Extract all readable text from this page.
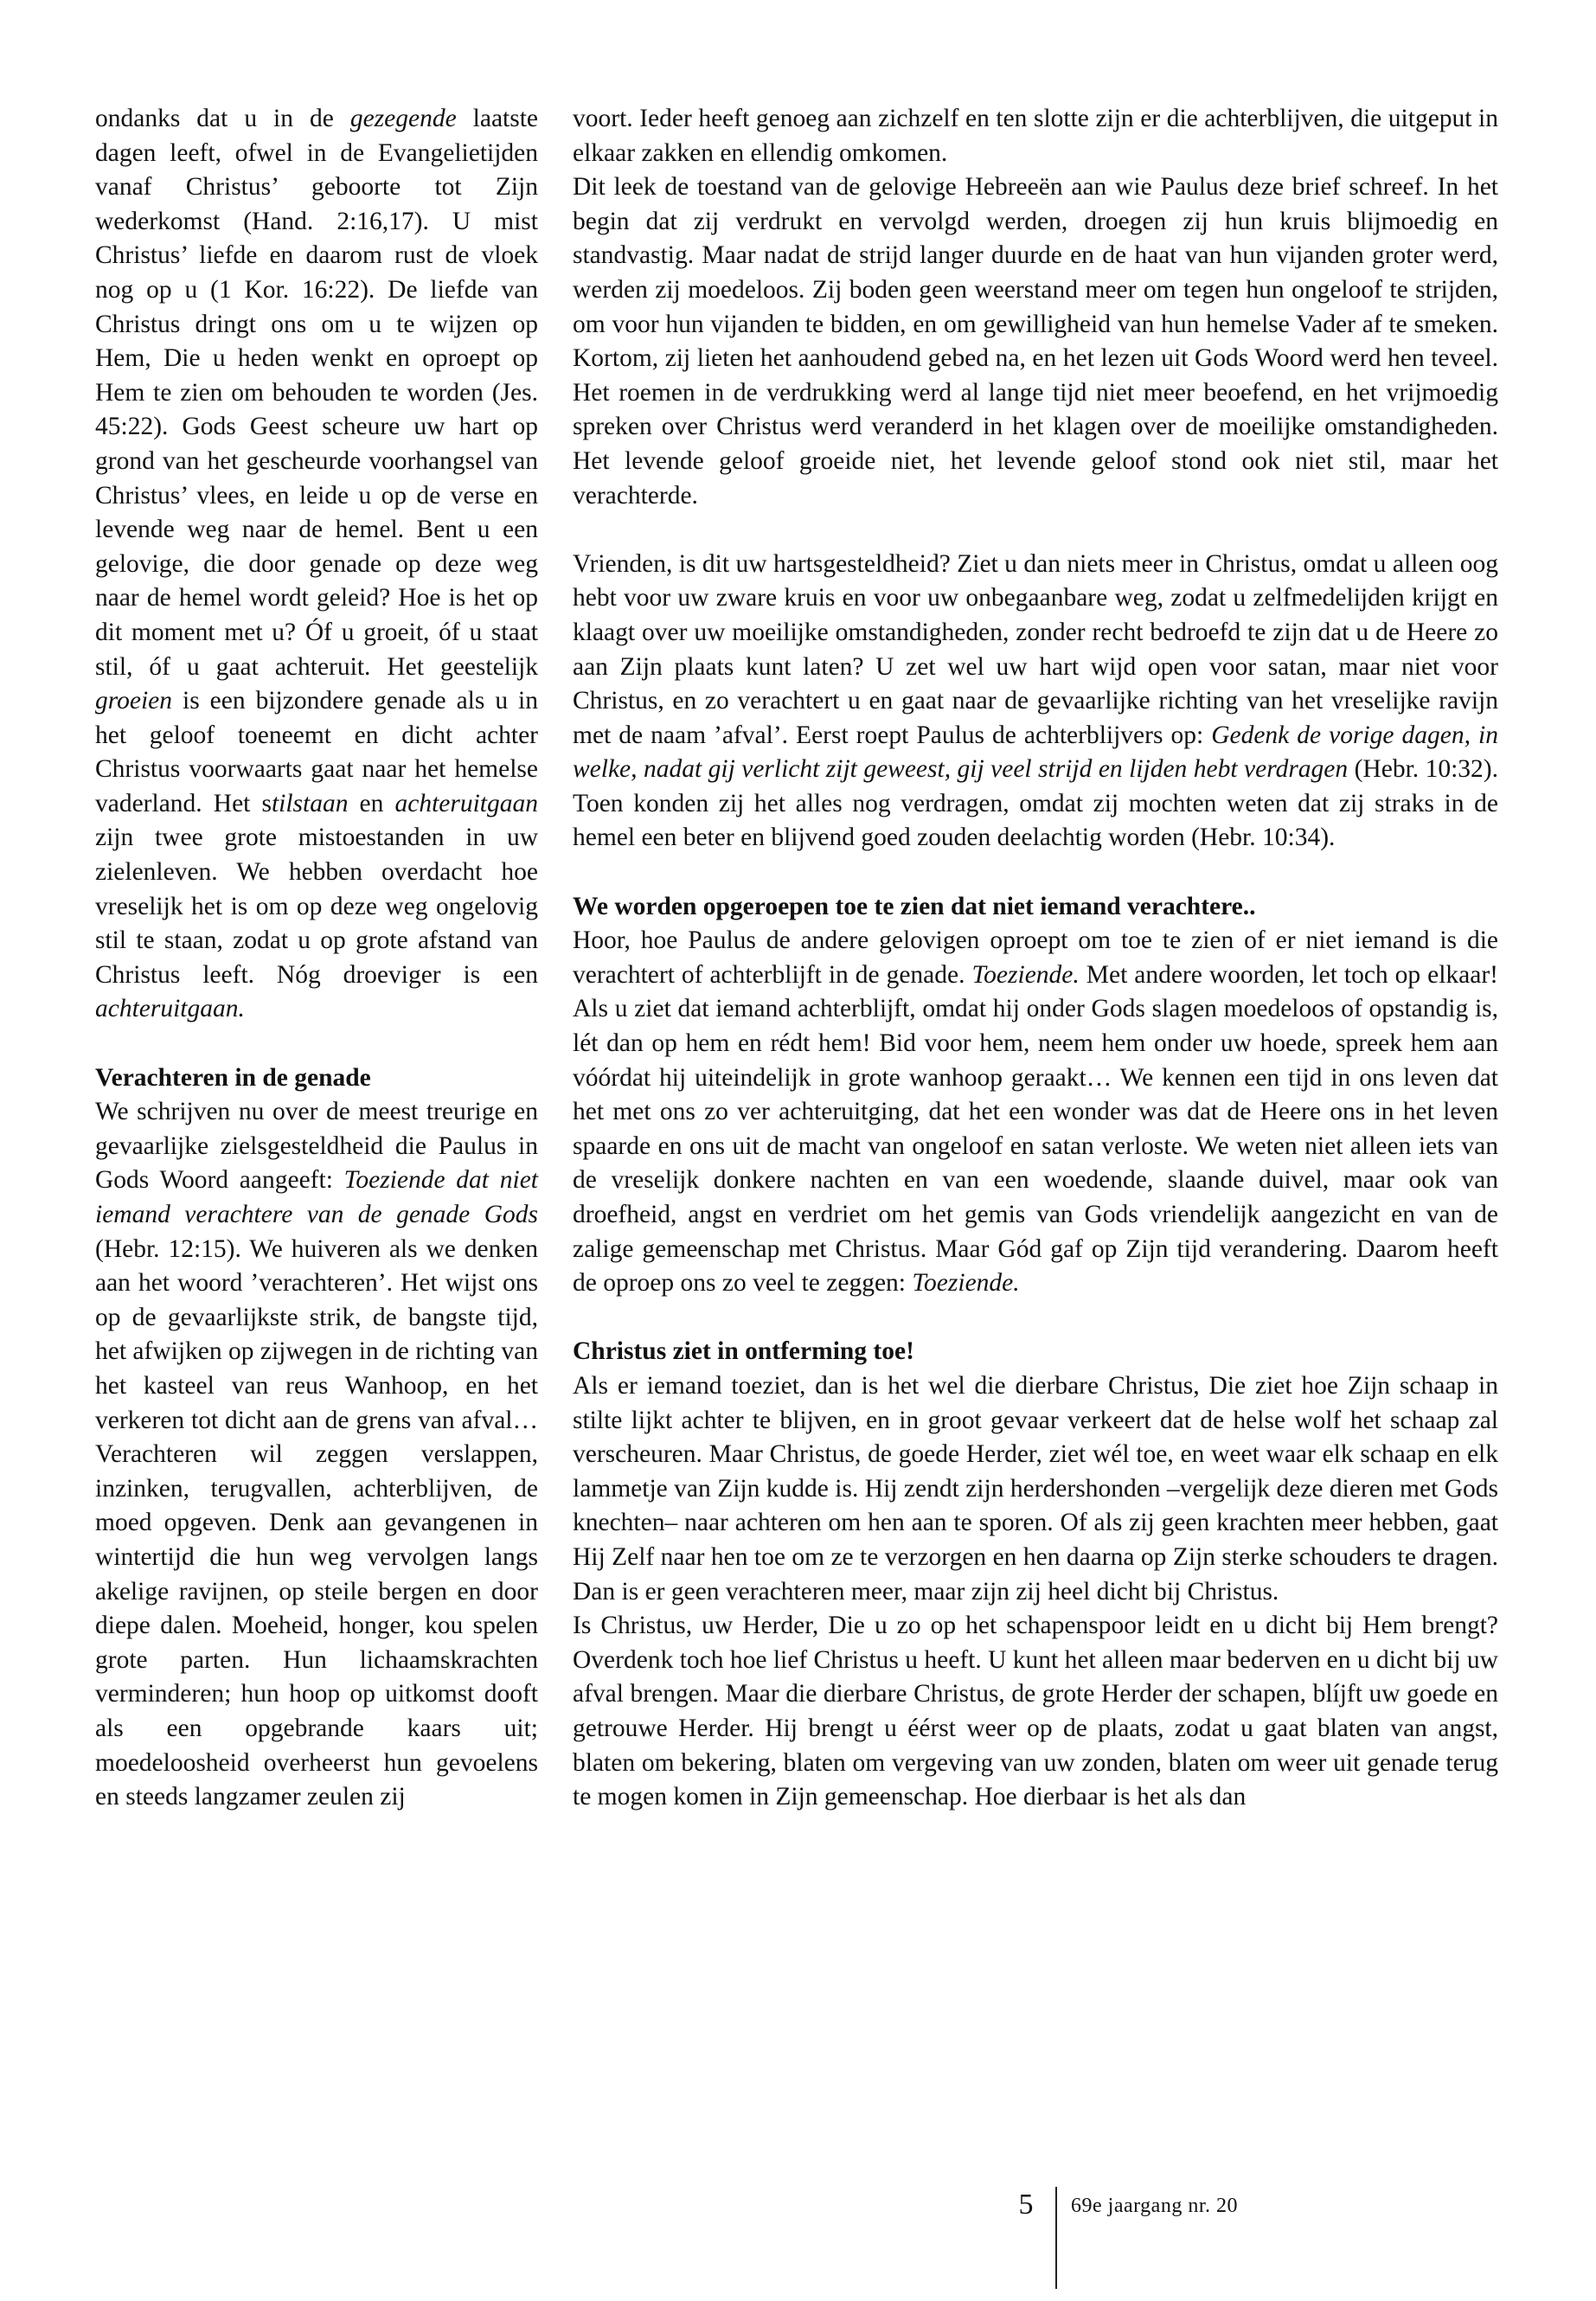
ondanks dat u in de gezegende laatste dagen leeft, ofwel in de Evangelietijden vanaf Christus’ geboorte tot Zijn wederkomst (Hand. 2:16,17). U mist Christus’ liefde en daarom rust de vloek nog op u (1 Kor. 16:22). De liefde van Christus dringt ons om u te wijzen op Hem, Die u heden wenkt en oproept op Hem te zien om behouden te worden (Jes. 45:22). Gods Geest scheure uw hart op grond van het gescheurde voorhangsel van Christus’ vlees, en leide u op de verse en levende weg naar de hemel. Bent u een gelovige, die door genade op deze weg naar de hemel wordt geleid? Hoe is het op dit moment met u? Óf u groeit, óf u staat stil, óf u gaat achteruit. Het geestelijk groeien is een bijzondere genade als u in het geloof toeneemt en dicht achter Christus voorwaarts gaat naar het hemelse vaderland. Het stilstaan en achteruitgaan zijn twee grote mistoestanden in uw zielenleven. We hebben overdacht hoe vreselijk het is om op deze weg ongelovig stil te staan, zodat u op grote afstand van Christus leeft. Nóg droeviger is een achteruitgaan.

Verachteren in de genade

We schrijven nu over de meest treurige en gevaarlijke zielsgesteldheid die Paulus in Gods Woord aangeeft: Toeziende dat niet iemand verachtere van de genade Gods (Hebr. 12:15). We huiveren als we denken aan het woord ’verachteren’. Het wijst ons op de gevaarlijkste strik, de bangste tijd, het afwijken op zijwegen in de richting van het kasteel van reus Wanhoop, en het verkeren tot dicht aan de grens van afval… Verachteren wil zeggen verslappen, inzinken, terugvallen, achterblijven, de moed opgeven. Denk aan gevangenen in wintertijd die hun weg vervolgen langs akelige ravijnen, op steile bergen en door diepe dalen. Moeheid, honger, kou spelen grote parten. Hun lichaamskrachten verminderen; hun hoop op uitkomst dooft als een opgebrande kaars uit; moedeloosheid overheerst hun gevoelens en steeds langzamer zeulen zij

voort. Ieder heeft genoeg aan zichzelf en ten slotte zijn er die achterblijven, die uitgeput in elkaar zakken en ellendig omkomen.

Dit leek de toestand van de gelovige Hebreeën aan wie Paulus deze brief schreef. In het begin dat zij verdrukt en vervolgd werden, droegen zij hun kruis blijmoedig en standvastig. Maar nadat de strijd langer duurde en de haat van hun vijanden groter werd, werden zij moedeloos. Zij boden geen weerstand meer om tegen hun ongeloof te strijden, om voor hun vijanden te bidden, en om gewilligheid van hun hemelse Vader af te smeken. Kortom, zij lieten het aanhoudend gebed na, en het lezen uit Gods Woord werd hen teveel. Het roemen in de verdrukking werd al lange tijd niet meer beoefend, en het vrijmoedig spreken over Christus werd veranderd in het klagen over de moeilijke omstandigheden. Het levende geloof groeide niet, het levende geloof stond ook niet stil, maar het verachterde.

Vrienden, is dit uw hartsgesteldheid? Ziet u dan niets meer in Christus, omdat u alleen oog hebt voor uw zware kruis en voor uw onbegaanbare weg, zodat u zelfmedelijden krijgt en klaagt over uw moeilijke omstandigheden, zonder recht bedroefd te zijn dat u de Heere zo aan Zijn plaats kunt laten? U zet wel uw hart wijd open voor satan, maar niet voor Christus, en zo verachtert u en gaat naar de gevaarlijke richting van het vreselijke ravijn met de naam ’afval’. Eerst roept Paulus de achterblijvers op: Gedenk de vorige dagen, in welke, nadat gij verlicht zijt geweest, gij veel strijd en lijden hebt verdragen (Hebr. 10:32). Toen konden zij het alles nog verdragen, omdat zij mochten weten dat zij straks in de hemel een beter en blijvend goed zouden deelachtig worden (Hebr. 10:34).

We worden opgeroepen toe te zien dat niet iemand verachtere..

Hoor, hoe Paulus de andere gelovigen oproept om toe te zien of er niet iemand is die verachtert of achterblijft in de genade. Toeziende. Met andere woorden, let toch op elkaar! Als u ziet dat iemand achterblijft, omdat hij onder Gods slagen moedeloos of opstandig is, lét dan op hem en rédt hem! Bid voor hem, neem hem onder uw hoede, spreek hem aan vóórdat hij uiteindelijk in grote wanhoop geraakt… We kennen een tijd in ons leven dat het met ons zo ver achteruitging, dat het een wonder was dat de Heere ons in het leven spaarde en ons uit de macht van ongeloof en satan verloste. We weten niet alleen iets van de vreselijk donkere nachten en van een woedende, slaande duivel, maar ook van droefheid, angst en verdriet om het gemis van Gods vriendelijk aangezicht en van de zalige gemeenschap met Christus. Maar Gód gaf op Zijn tijd verandering. Daarom heeft de oproep ons zo veel te zeggen: Toeziende.

Christus ziet in ontferming toe!

Als er iemand toeziet, dan is het wel die dierbare Christus, Die ziet hoe Zijn schaap in stilte lijkt achter te blijven, en in groot gevaar verkeert dat de helse wolf het schaap zal verscheuren. Maar Christus, de goede Herder, ziet wél toe, en weet waar elk schaap en elk lammetje van Zijn kudde is. Hij zendt zijn herdershonden –vergelijk deze dieren met Gods knechten– naar achteren om hen aan te sporen. Of als zij geen krachten meer hebben, gaat Hij Zelf naar hen toe om ze te verzorgen en hen daarna op Zijn sterke schouders te dragen. Dan is er geen verachteren meer, maar zijn zij heel dicht bij Christus.

Is Christus, uw Herder, Die u zo op het schapenspoor leidt en u dicht bij Hem brengt? Overdenk toch hoe lief Christus u heeft. U kunt het alleen maar bederven en u dicht bij uw afval brengen. Maar die dierbare Christus, de grote Herder der schapen, blíjft uw goede en getrouwe Herder. Hij brengt u éérst weer op de plaats, zodat u gaat blaten van angst, blaten om bekering, blaten om vergeving van uw zonden, blaten om weer uit genade terug te mogen komen in Zijn gemeenschap. Hoe dierbaar is het als dan

5	69e jaargang nr. 20
